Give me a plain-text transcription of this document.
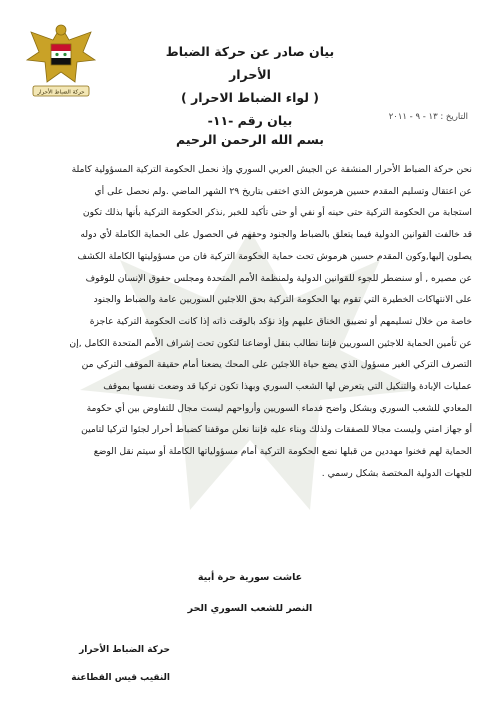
حركة الضباط الأحرار
بيان صادر عن حركة الضباط الأحرار
( لواء الضباط الاحرار )
بيان رقم -١١-	التاريخ : ١٣ - ٩ - ٢٠١١
بسم الله الرحمن الرحيم
نحن حركة الضباط الأحرار المنشقة عن الجيش العربي السوري وإذ نحمل الحكومة التركية المسؤولية كاملة
عن اعتقال وتسليم المقدم حسين هرموش الذي اختفى بتاريخ ٢٩ الشهر الماضي .ولم نحصل على أي
استجابة من الحكومة التركية حتى حينه أو نفي أو حتى تأكيد للخبر ,نذكر الحكومة التركية بأنها بذلك تكون
قد خالفت القوانين الدولية فيما يتعلق بالضباط والجنود وحقهم في الحصول على الحماية الكاملة لأي دوله
يصلون إليها,وكون المقدم حسين هرموش تحت حماية الحكومة التركية فان من مسؤوليتها الكاملة الكشف
عن مصيره , أو سنضطر للجوء للقوانين الدولية ولمنظمة الأمم المتحدة ومجلس حقوق الإنسان للوقوف
على الانتهاكات الخطيرة التي تقوم بها الحكومة التركية بحق اللاجئين السوريين عامة والضباط والجنود
خاصة من خلال تسليمهم أو تضييق الخناق عليهم وإذ نؤكد بالوقت ذاته إذا كانت الحكومة التركية عاجزة
عن تأمين الحماية للاجئين السوريين فإننا نطالب بنقل أوضاعنا لتكون تحت إشراف الأمم المتحدة الكامل ,إن
التصرف التركي الغير مسؤول الذي يضع حياة اللاجئين على المحك يضعنا أمام حقيقة الموقف التركي من
عمليات الإبادة والتنكيل التي يتعرض لها الشعب السوري وبهذا تكون تركيا قد وضعت نفسها بموقف
المعادي للشعب السوري وبشكل واضح فدماء السوريين وأرواحهم ليست مجال للتفاوض بين أي حكومة
أو جهاز امني وليست مجالا للصفقات ولذلك وبناء عليه فإننا نعلن موقفنا كضباط أحرار لجئوا لتركيا لتامين
الحماية لهم فخنوا مهددين من قبلها نضع الحكومة التركية أمام مسؤولياتها الكاملة أو سيتم نقل الوضع
للجهات الدولية المختصة بشكل رسمي .
عاشت سورية حرة أبية
النصر للشعب السوري الحر
حركة الضباط الأحرار
النقيب قيس القطاعنة
